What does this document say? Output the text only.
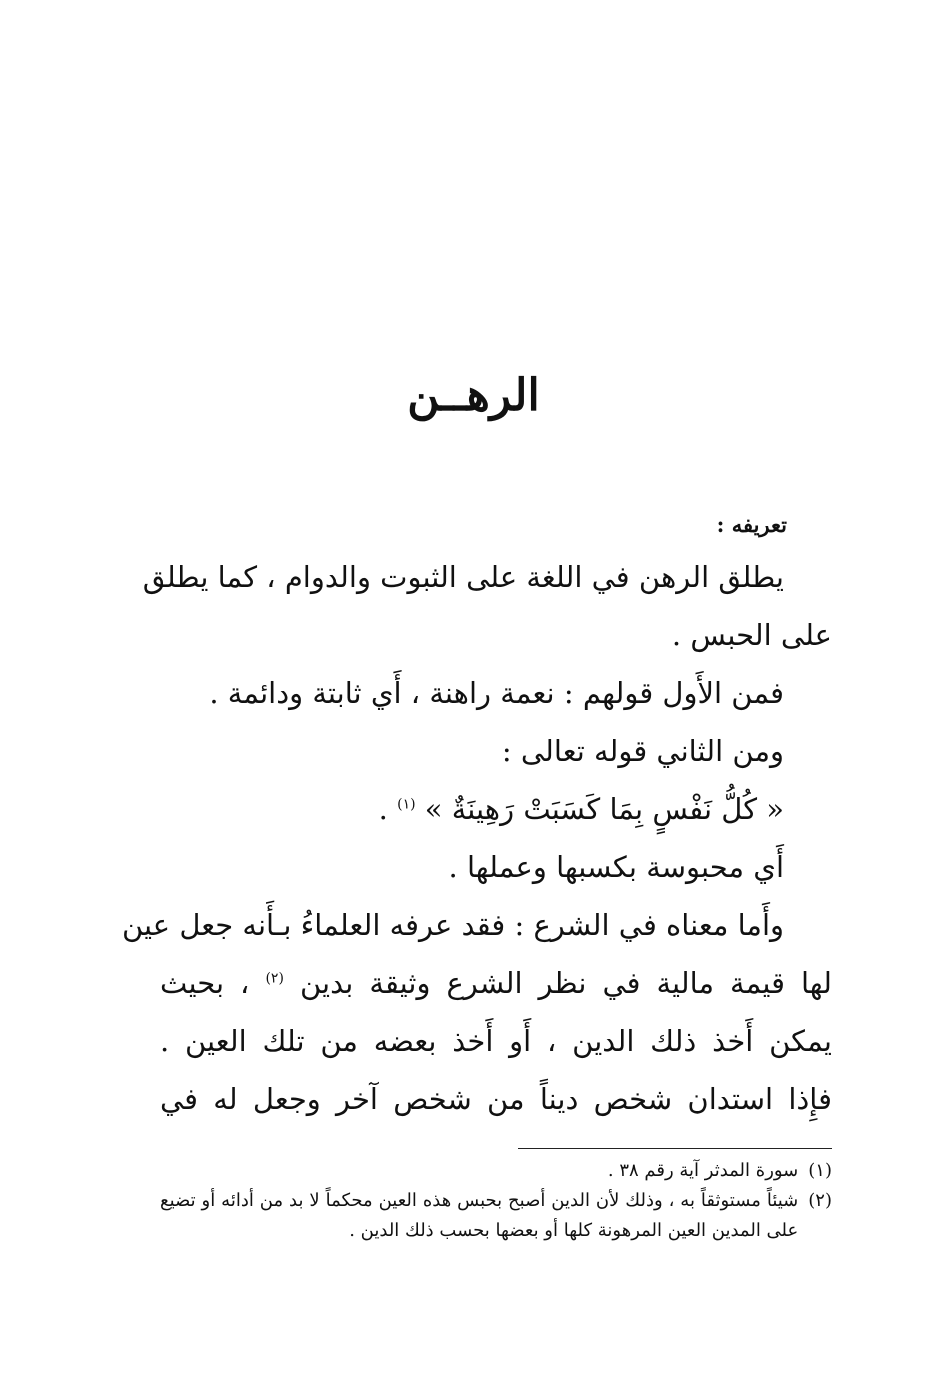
الرهــن
تعريفه :
يطلق الرهن في اللغة على الثبوت والدوام ، كما يطلق
على الحبس .
فمن الأَول قولهم : نعمة راهنة ، أَي ثابتة ودائمة .
ومن الثاني قوله تعالى :
« كُلُّ نَفْسٍ بِمَا كَسَبَتْ رَهِينَةٌ » $^{(١)}$ .
أَي محبوسة بكسبها وعملها .
وأَما معناه في الشرع : فقد عرفه العلماءُ بـأَنه جعل عين
لها قيمة مالية في نظر الشرع وثيقة بدين $^{(٢)}$ ، بحيث
يمكن أَخذ ذلك الدين ، أَو أَخذ بعضه من تلك العين .
فإِذا استدان شخص ديناً من شخص آخر وجعل له في
(١)
سورة المدثر آية رقم ٣٨ .
(٢)
شيئاً مستوثقاً به ، وذلك لأن الدين أصبح بحبس هذه العين محكماً لا بد من أدائه أو تضيع على المدين العين المرهونة كلها أو بعضها بحسب ذلك الدين .
